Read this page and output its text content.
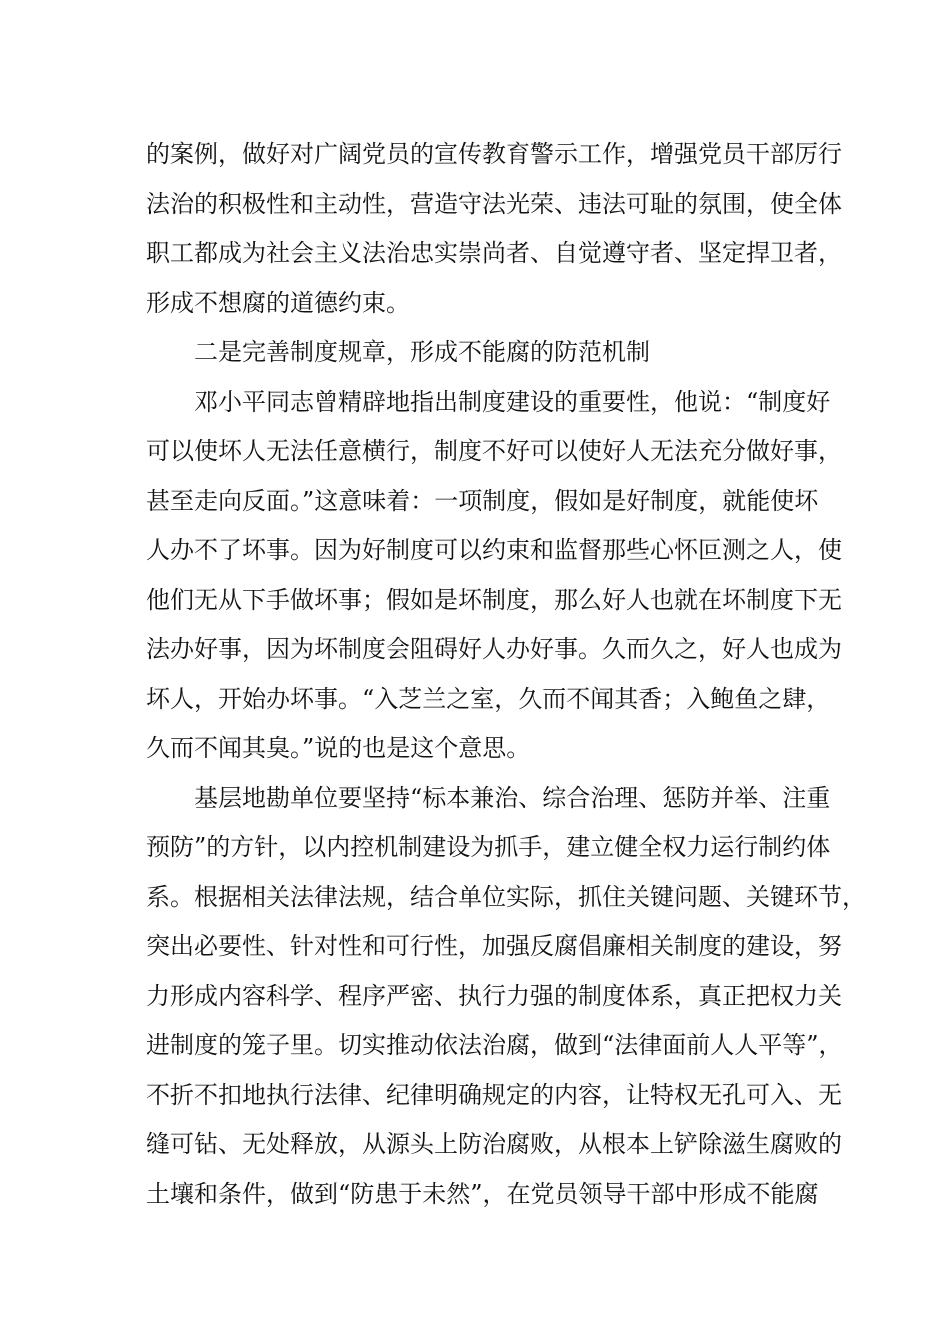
的案例，做好对广阔党员的宣传教育警示工作，增强党员干部厉行
法治的积极性和主动性，营造守法光荣、违法可耻的氛围，使全体
职工都成为社会主义法治忠实崇尚者、自觉遵守者、坚定捍卫者，
形成不想腐的道德约束。
二是完善制度规章，形成不能腐的防范机制
邓小平同志曾精辟地指出制度建设的重要性，他说：“制度好
可以使坏人无法任意横行，制度不好可以使好人无法充分做好事，
甚至走向反面。”这意味着：一项制度，假如是好制度，就能使坏
人办不了坏事。因为好制度可以约束和监督那些心怀叵测之人，使
他们无从下手做坏事；假如是坏制度，那么好人也就在坏制度下无
法办好事，因为坏制度会阻碍好人办好事。久而久之，好人也成为
坏人，开始办坏事。“入芝兰之室，久而不闻其香；入鲍鱼之肆，
久而不闻其臭。”说的也是这个意思。
基层地勘单位要坚持“标本兼治、综合治理、惩防并举、注重
预防”的方针，以内控机制建设为抓手，建立健全权力运行制约体
系。根据相关法律法规，结合单位实际，抓住关键问题、关键环节，
突出必要性、针对性和可行性，加强反腐倡廉相关制度的建设，努
力形成内容科学、程序严密、执行力强的制度体系，真正把权力关
进制度的笼子里。切实推动依法治腐，做到“法律面前人人平等”，
不折不扣地执行法律、纪律明确规定的内容，让特权无孔可入、无
缝可钻、无处释放，从源头上防治腐败，从根本上铲除滋生腐败的
土壤和条件，做到“防患于未然”，在党员领导干部中形成不能腐
